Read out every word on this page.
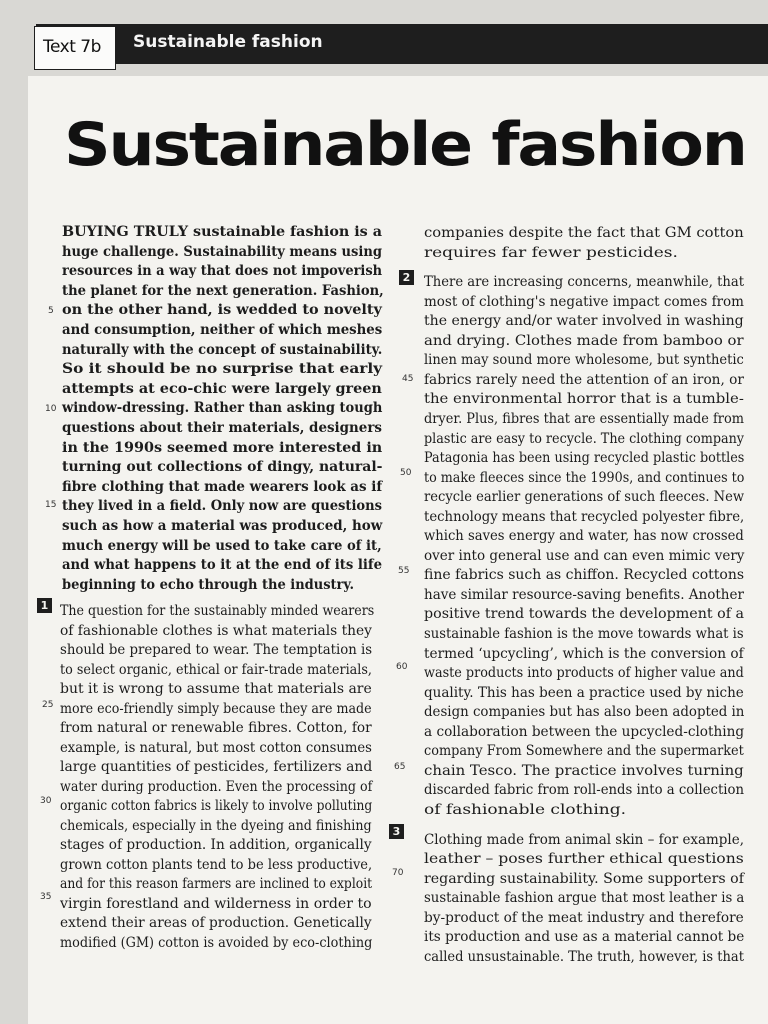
Text 7b	Sustainable fashion
Sustainable fashion
BUYING TRULY sustainable fashion is a
huge challenge. Sustainability means using
resources in a way that does not impoverish
the planet for the next generation. Fashion,
on the other hand, is wedded to novelty
and consumption, neither of which meshes
naturally with the concept of sustainability.
So it should be no surprise that early
attempts at eco-chic were largely green
window-dressing. Rather than asking tough
questions about their materials, designers
in the 1990s seemed more interested in
turning out collections of dingy, natural-
fibre clothing that made wearers look as if
they lived in a field. Only now are questions
such as how a material was produced, how
much energy will be used to take care of it,
and what happens to it at the end of its life
beginning to echo through the industry.
The question for the sustainably minded wearers
of fashionable clothes is what materials they
should be prepared to wear. The temptation is
to select organic, ethical or fair-trade materials,
but it is wrong to assume that materials are
more eco-friendly simply because they are made
from natural or renewable fibres. Cotton, for
example, is natural, but most cotton consumes
large quantities of pesticides, fertilizers and
water during production. Even the processing of
organic cotton fabrics is likely to involve polluting
chemicals, especially in the dyeing and finishing
stages of production. In addition, organically
grown cotton plants tend to be less productive,
and for this reason farmers are inclined to exploit
virgin forestland and wilderness in order to
extend their areas of production. Genetically
modified (GM) cotton is avoided by eco-clothing
companies despite the fact that GM cotton
requires far fewer pesticides.
There are increasing concerns, meanwhile, that
most of clothing's negative impact comes from
the energy and/or water involved in washing
and drying. Clothes made from bamboo or
linen may sound more wholesome, but synthetic
fabrics rarely need the attention of an iron, or
the environmental horror that is a tumble-
dryer. Plus, fibres that are essentially made from
plastic are easy to recycle. The clothing company
Patagonia has been using recycled plastic bottles
to make fleeces since the 1990s, and continues to
recycle earlier generations of such fleeces. New
technology means that recycled polyester fibre,
which saves energy and water, has now crossed
over into general use and can even mimic very
fine fabrics such as chiffon. Recycled cottons
have similar resource-saving benefits. Another
positive trend towards the development of a
sustainable fashion is the move towards what is
termed ‘upcycling’, which is the conversion of
waste products into products of higher value and
quality. This has been a practice used by niche
design companies but has also been adopted in
a collaboration between the upcycled-clothing
company From Somewhere and the supermarket
chain Tesco. The practice involves turning
discarded fabric from roll-ends into a collection
of fashionable clothing.
Clothing made from animal skin – for example,
leather – poses further ethical questions
regarding sustainability. Some supporters of
sustainable fashion argue that most leather is a
by-product of the meat industry and therefore
its production and use as a material cannot be
called unsustainable. The truth, however, is that
1
2
3
5
10
15
25
30
35
45
50
55
60
65
70
